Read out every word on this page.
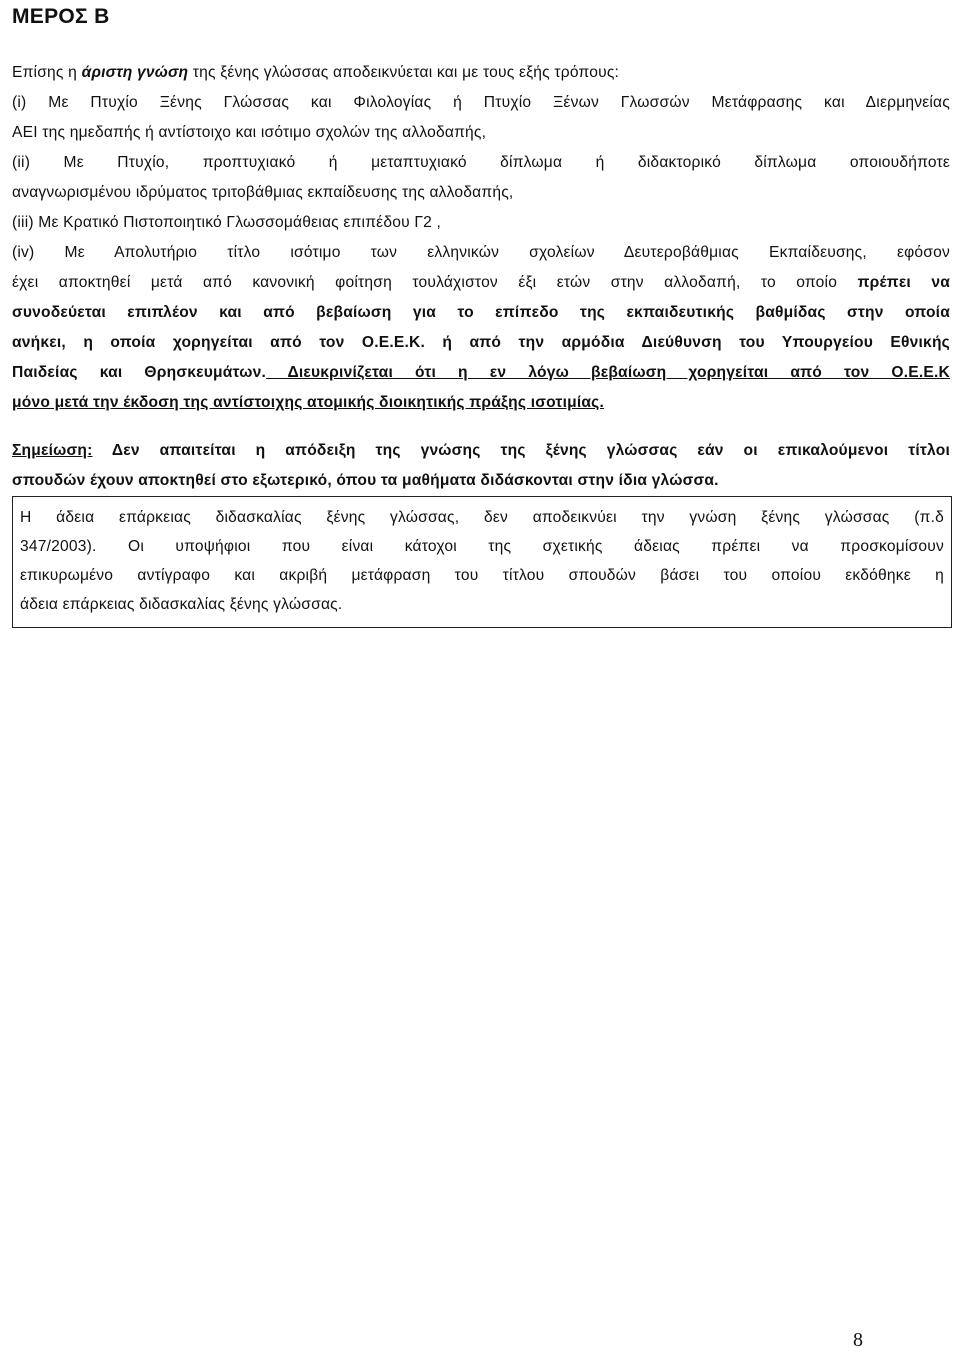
ΜΕΡΟΣ Β
Επίσης η άριστη γνώση της ξένης γλώσσας αποδεικνύεται και με τους εξής τρόπους:
(i) Με Πτυχίο Ξένης Γλώσσας και Φιλολογίας ή Πτυχίο Ξένων Γλωσσών Μετάφρασης και Διερμηνείας
ΑΕΙ της ημεδαπής ή αντίστοιχο και ισότιμο σχολών της αλλοδαπής,
(ii) Με Πτυχίο, προπτυχιακό ή μεταπτυχιακό δίπλωμα ή διδακτορικό δίπλωμα οποιουδήποτε
αναγνωρισμένου ιδρύματος τριτοβάθμιας εκπαίδευσης της αλλοδαπής,
(iii) Με Κρατικό Πιστοποιητικό Γλωσσομάθειας επιπέδου Γ2 ,
(iv) Με Απολυτήριο τίτλο ισότιμο των ελληνικών σχολείων Δευτεροβάθμιας Εκπαίδευσης, εφόσον
έχει αποκτηθεί μετά από κανονική φοίτηση τουλάχιστον έξι ετών στην αλλοδαπή, το οποίο πρέπει να
συνοδεύεται επιπλέον και από βεβαίωση για το επίπεδο της εκπαιδευτικής βαθμίδας στην οποία
ανήκει, η οποία χορηγείται από τον Ο.Ε.Ε.Κ. ή από την αρμόδια Διεύθυνση του Υπουργείου Εθνικής
Παιδείας και Θρησκευμάτων. Διευκρινίζεται ότι η εν λόγω βεβαίωση χορηγείται από τον Ο.Ε.Ε.Κ
μόνο μετά την έκδοση της αντίστοιχης ατομικής διοικητικής πράξης ισοτιμίας.
Σημείωση: Δεν απαιτείται η απόδειξη της γνώσης της ξένης γλώσσας εάν οι επικαλούμενοι τίτλοι
σπουδών έχουν αποκτηθεί στο εξωτερικό, όπου τα μαθήματα διδάσκονται στην ίδια γλώσσα.
Η άδεια επάρκειας διδασκαλίας ξένης γλώσσας, δεν αποδεικνύει την γνώση ξένης γλώσσας (π.δ
347/2003). Οι υποψήφιοι που είναι κάτοχοι της σχετικής άδειας πρέπει να προσκομίσουν
επικυρωμένο αντίγραφο και ακριβή μετάφραση του τίτλου σπουδών βάσει του οποίου εκδόθηκε η
άδεια επάρκειας διδασκαλίας ξένης γλώσσας.
8
